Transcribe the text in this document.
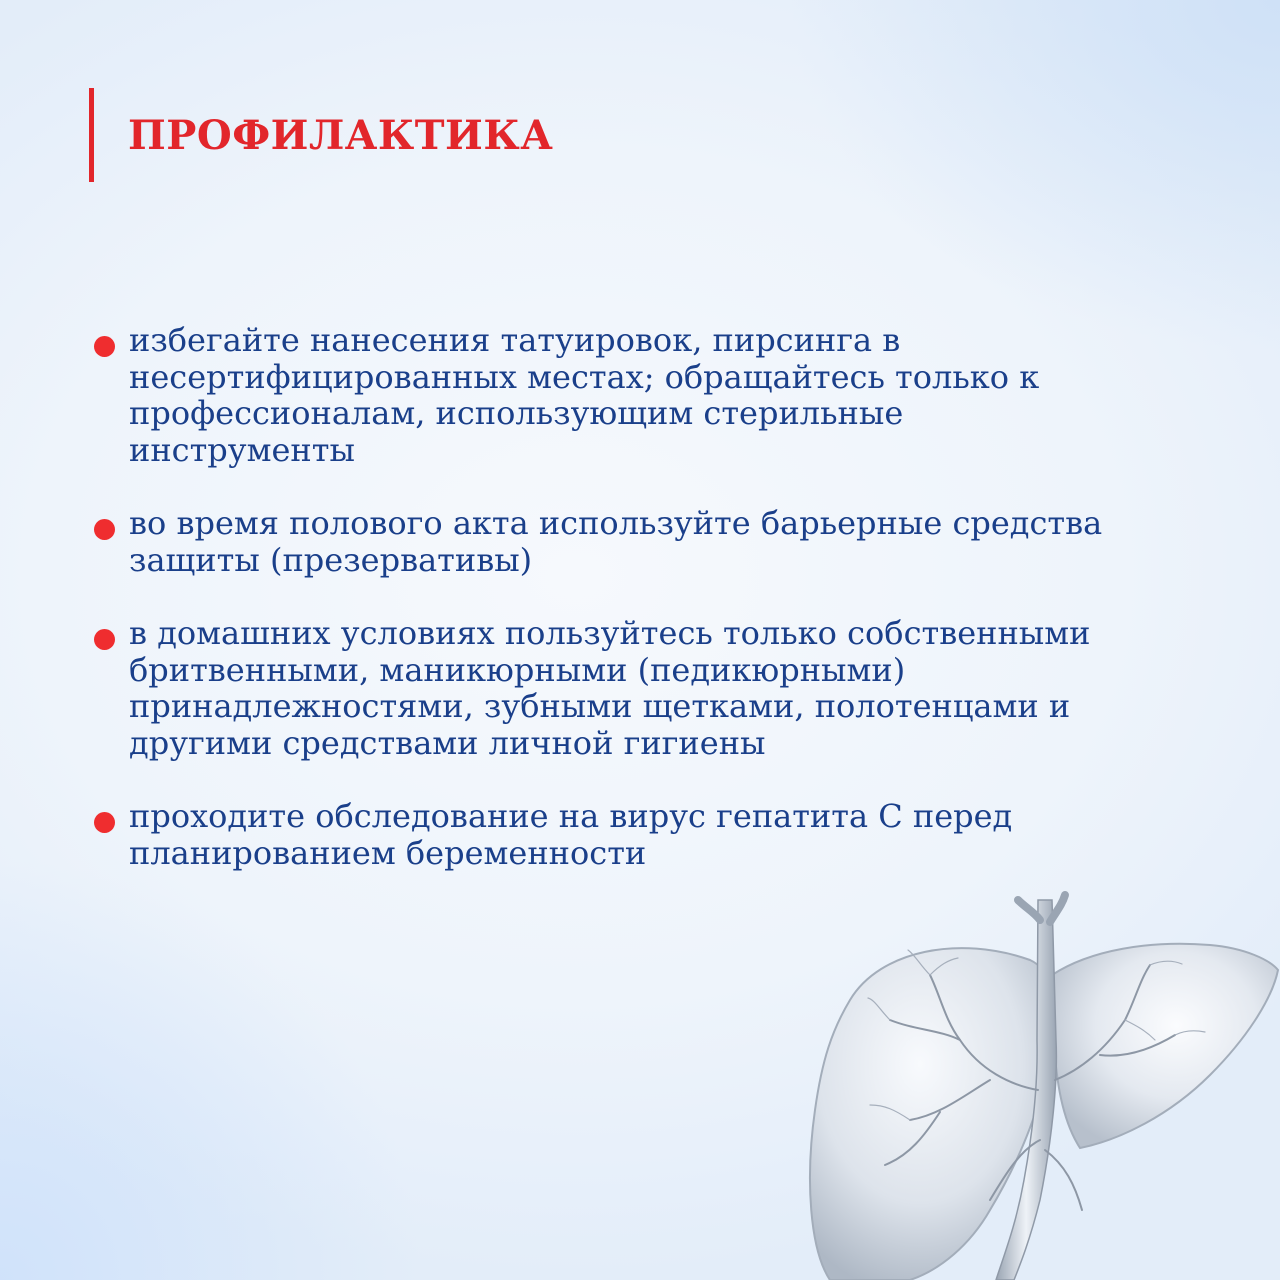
ПРОФИЛАКТИКА
избегайте нанесения татуировок, пирсинга в несертифицированных местах; обращайтесь только к профессионалам, использующим стерильные инструменты
во время полового акта используйте барьерные средства защиты (презервативы)
в домашних условиях пользуйтесь только собственными бритвенными, маникюрными (педикюрными) принадлежностями, зубными щетками, полотенцами и другими средствами личной гигиены
проходите обследование на вирус гепатита С перед планированием беременности
